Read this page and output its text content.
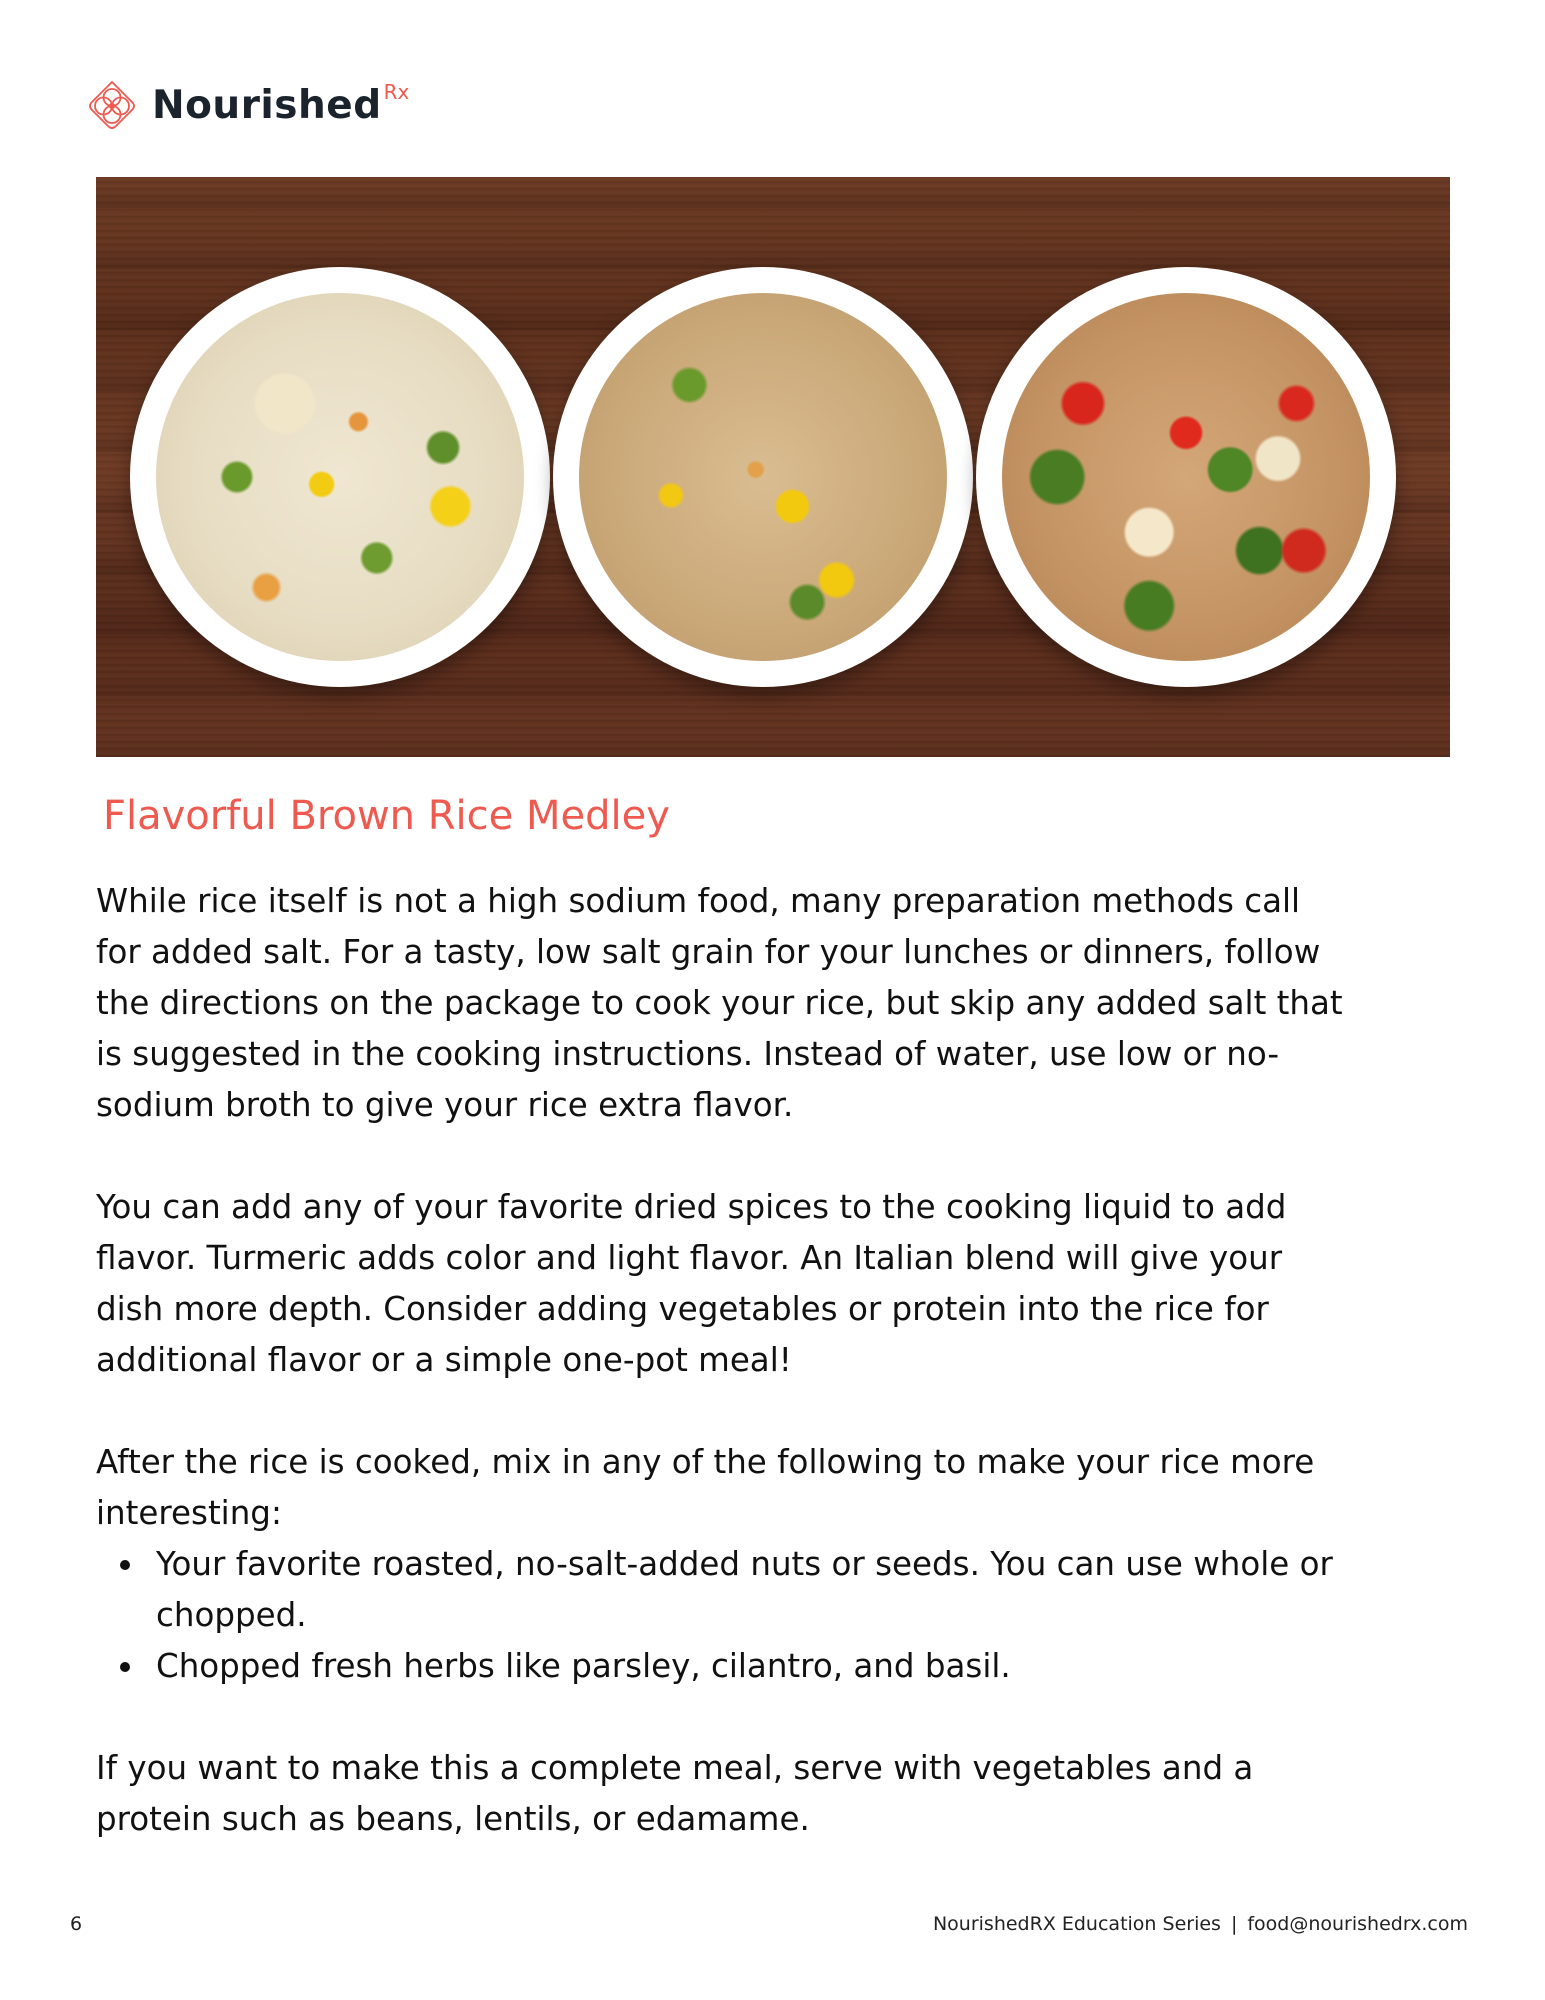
Nourished Rx
Flavorful Brown Rice Medley

While rice itself is not a high sodium food, many preparation methods call
for added salt. For a tasty, low salt grain for your lunches or dinners, follow
the directions on the package to cook your rice, but skip any added salt that
is suggested in the cooking instructions. Instead of water, use low or no-
sodium broth to give your rice extra flavor.

You can add any of your favorite dried spices to the cooking liquid to add
flavor. Turmeric adds color and light flavor. An Italian blend will give your
dish more depth. Consider adding vegetables or protein into the rice for
additional flavor or a simple one-pot meal!

After the rice is cooked, mix in any of the following to make your rice more
interesting:

Your favorite roasted, no-salt-added nuts or seeds. You can use whole or
chopped.
Chopped fresh herbs like parsley, cilantro, and basil.

If you want to make this a complete meal, serve with vegetables and a
protein such as beans, lentils, or edamame.

6	NourishedRX Education Series | food@nourishedrx.com
